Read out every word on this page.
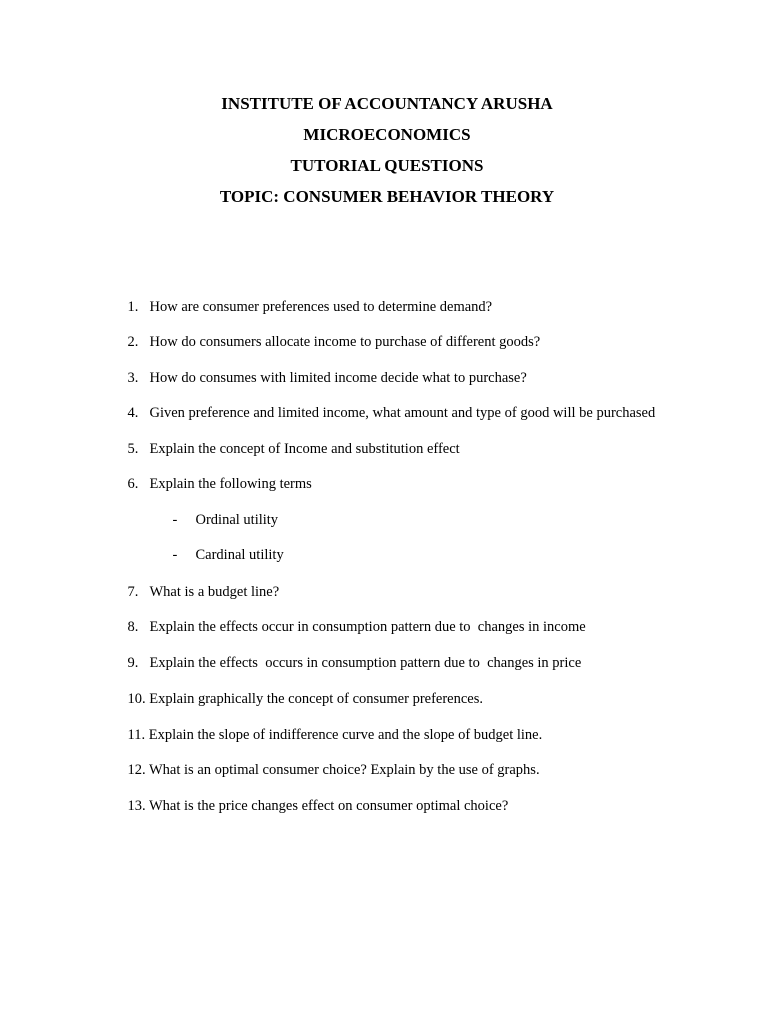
INSTITUTE OF ACCOUNTANCY ARUSHA
MICROECONOMICS
TUTORIAL QUESTIONS
TOPIC: CONSUMER BEHAVIOR THEORY

1. How are consumer preferences used to determine demand?

2. How do consumers allocate income to purchase of different goods?

3. How do consumes with limited income decide what to purchase?

4. Given preference and limited income, what amount and type of good will be purchased

5. Explain the concept of Income and substitution effect

6. Explain the following terms

- Ordinal utility

- Cardinal utility

7. What is a budget line?

8. Explain the effects occur in consumption pattern due to  changes in income

9. Explain the effects  occurs in consumption pattern due to  changes in price

10. Explain graphically the concept of consumer preferences.

11. Explain the slope of indifference curve and the slope of budget line.

12. What is an optimal consumer choice? Explain by the use of graphs.

13. What is the price changes effect on consumer optimal choice?
